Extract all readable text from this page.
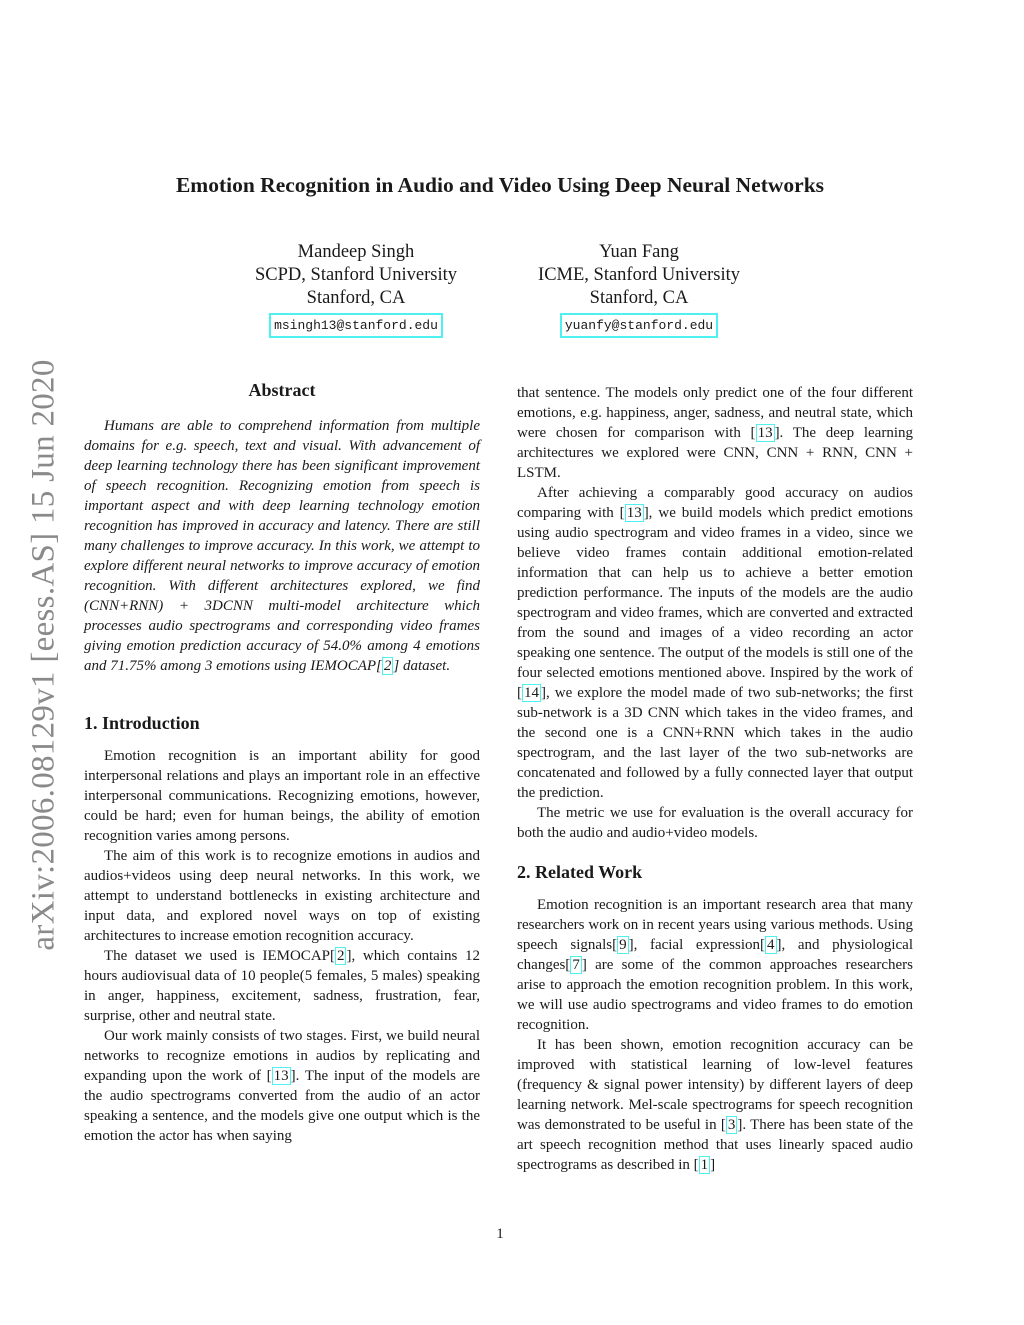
arXiv:2006.08129v1 [eess.AS] 15 Jun 2020
Emotion Recognition in Audio and Video Using Deep Neural Networks
Mandeep Singh
SCPD, Stanford University
Stanford, CA
msingh13@stanford.edu
Yuan Fang
ICME, Stanford University
Stanford, CA
yuanfy@stanford.edu
Abstract

Humans are able to comprehend information from multiple domains for e.g. speech, text and visual. With advancement of deep learning technology there has been significant improvement of speech recognition. Recognizing emotion from speech is important aspect and with deep learning technology emotion recognition has improved in accuracy and latency. There are still many challenges to improve accuracy. In this work, we attempt to explore different neural networks to improve accuracy of emotion recognition. With different architectures explored, we find (CNN+RNN) + 3DCNN multi-model architecture which processes audio spectrograms and corresponding video frames giving emotion prediction accuracy of 54.0% among 4 emotions and 71.75% among 3 emotions using IEMOCAP[ 2 ] dataset.

1. Introduction

Emotion recognition is an important ability for good interpersonal relations and plays an important role in an effective interpersonal communications. Recognizing emotions, however, could be hard; even for human beings, the ability of emotion recognition varies among persons.

The aim of this work is to recognize emotions in audios and audios+videos using deep neural networks. In this work, we attempt to understand bottlenecks in existing architecture and input data, and explored novel ways on top of existing architectures to increase emotion recognition accuracy.

The dataset we used is IEMOCAP[ 2 ], which contains 12 hours audiovisual data of 10 people(5 females, 5 males) speaking in anger, happiness, excitement, sadness, frustration, fear, surprise, other and neutral state.

Our work mainly consists of two stages. First, we build neural networks to recognize emotions in audios by replicating and expanding upon the work of [ 13 ]. The input of the models are the audio spectrograms converted from the audio of an actor speaking a sentence, and the models give one output which is the emotion the actor has when saying

that sentence. The models only predict one of the four different emotions, e.g. happiness, anger, sadness, and neutral state, which were chosen for comparison with [ 13 ]. The deep learning architectures we explored were CNN, CNN + RNN, CNN + LSTM.

After achieving a comparably good accuracy on audios comparing with [ 13 ], we build models which predict emotions using audio spectrogram and video frames in a video, since we believe video frames contain additional emotion-related information that can help us to achieve a better emotion prediction performance. The inputs of the models are the audio spectrogram and video frames, which are converted and extracted from the sound and images of a video recording an actor speaking one sentence. The output of the models is still one of the four selected emotions mentioned above. Inspired by the work of [ 14 ], we explore the model made of two sub-networks; the first sub-network is a 3D CNN which takes in the video frames, and the second one is a CNN+RNN which takes in the audio spectrogram, and the last layer of the two sub-networks are concatenated and followed by a fully connected layer that output the prediction.

The metric we use for evaluation is the overall accuracy for both the audio and audio+video models.

2. Related Work

Emotion recognition is an important research area that many researchers work on in recent years using various methods. Using speech signals[ 9 ], facial expression[ 4 ], and physiological changes[ 7 ] are some of the common approaches researchers arise to approach the emotion recognition problem. In this work, we will use audio spectrograms and video frames to do emotion recognition.

It has been shown, emotion recognition accuracy can be improved with statistical learning of low-level features (frequency & signal power intensity) by different layers of deep learning network. Mel-scale spectrograms for speech recognition was demonstrated to be useful in [ 3 ]. There has been state of the art speech recognition method that uses linearly spaced audio spectrograms as described in [ 1 ]

1
